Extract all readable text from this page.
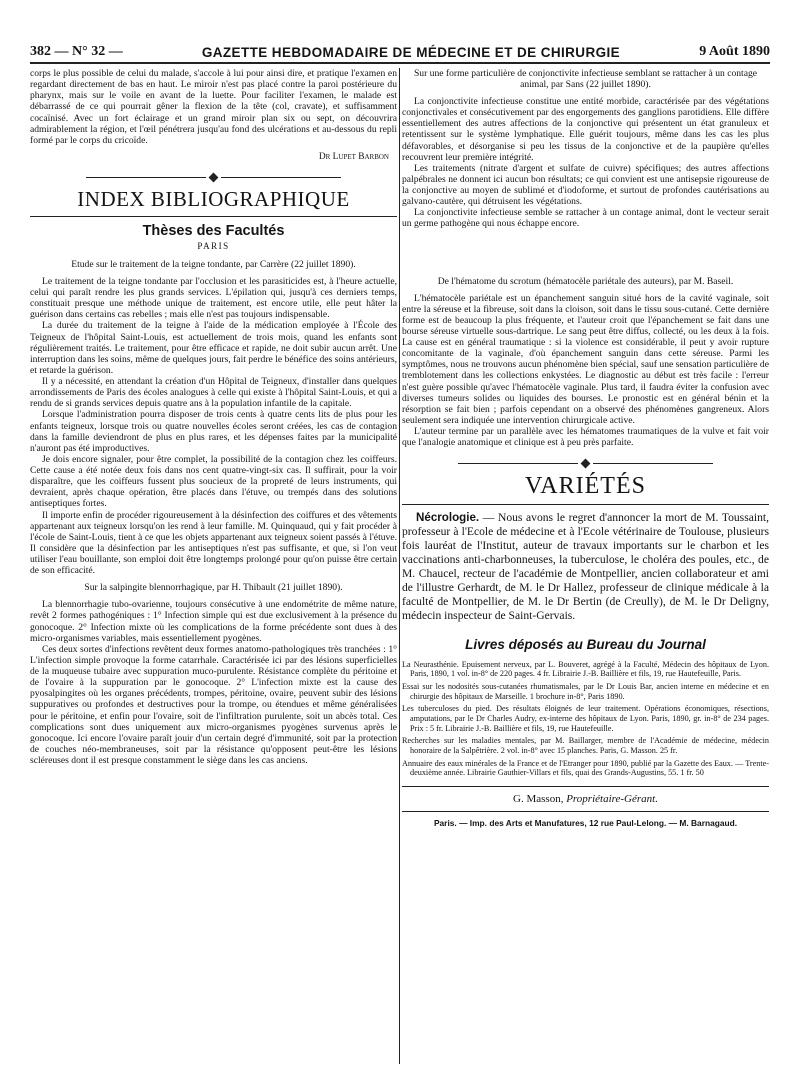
382 — N° 32 —	GAZETTE HEBDOMADAIRE DE MÉDECINE ET DE CHIRURGIE	9 Août 1890

corps le plus possible de celui du malade, s'accole à lui pour ainsi dire, et pratique l'examen en regardant directement de bas en haut. Le miroir n'est pas placé contre la paroi postérieure du pharynx, mais sur le voile en avant de la luette. Pour faciliter l'examen, le malade est débarrassé de ce qui pourrait gêner la flexion de la tête (col, cravate), et suffisamment cocaïnisé. Avec un fort éclairage et un grand miroir plan six ou sept, on découvrira admirablement la région, et l'œil pénétrera jusqu'au fond des ulcérations et au-dessous du repli formé par le corps du cricoïde.

Dr Lupet Barbon
INDEX BIBLIOGRAPHIQUE
Thèses des Facultés
PARIS
Etude sur le traitement de la teigne tondante, par Carrère (22 juillet 1890).

Le traitement de la teigne tondante par l'occlusion et les parasiticides est, à l'heure actuelle, celui qui paraît rendre les plus grands services. L'épilation qui, jusqu'à ces derniers temps, constituait presque une méthode unique de traitement, est encore utile, elle peut hâter la guérison dans certains cas rebelles ; mais elle n'est pas toujours indispensable.

La durée du traitement de la teigne à l'aide de la médication employée à l'École des Teigneux de l'hôpital Saint-Louis, est actuellement de trois mois, quand les enfants sont régulièrement traités. Le traitement, pour être efficace et rapide, ne doit subir aucun arrêt. Une interruption dans les soins, même de quelques jours, fait perdre le bénéfice des soins antérieurs, et retarde la guérison.

Il y a nécessité, en attendant la création d'un Hôpital de Teigneux, d'installer dans quelques arrondissements de Paris des écoles analogues à celle qui existe à l'hôpital Saint-Louis, et qui a rendu de si grands services depuis quatre ans à la population infantile de la capitale.

Lorsque l'administration pourra disposer de trois cents à quatre cents lits de plus pour les enfants teigneux, lorsque trois ou quatre nouvelles écoles seront créées, les cas de contagion dans la famille deviendront de plus en plus rares, et les dépenses faites par la municipalité n'auront pas été improductives.

Je dois encore signaler, pour être complet, la possibilité de la contagion chez les coiffeurs. Cette cause a été notée deux fois dans nos cent quatre-vingt-six cas. Il suffirait, pour la voir disparaître, que les coiffeurs fussent plus soucieux de la propreté de leurs instruments, qui devraient, après chaque opération, être placés dans l'étuve, ou trempés dans des solutions antiseptiques fortes.

Il importe enfin de procéder rigoureusement à la désinfection des coiffures et des vêtements appartenant aux teigneux lorsqu'on les rend à leur famille. M. Quinquaud, qui y fait procéder à l'école de Saint-Louis, tient à ce que les objets appartenant aux teigneux soient passés à l'étuve. Il considère que la désinfection par les antiseptiques n'est pas suffisante, et que, si l'on veut utiliser l'eau bouillante, son emploi doit être longtemps prolongé pour qu'on puisse être certain de son efficacité.

Sur la salpingite blennorrhagique, par H. Thibault (21 juillet 1890).

La blennorrhagie tubo-ovarienne, toujours consécutive à une endométrite de même nature, revêt 2 formes pathogéniques : 1° Infection simple qui est due exclusivement à la présence du gonocoque. 2° Infection mixte où les complications de la forme précédente sont dues à des micro-organismes variables, mais essentiellement pyogènes.

Ces deux sortes d'infections revêtent deux formes anatomo-pathologiques très tranchées : 1° L'infection simple provoque la forme catarrhale. Caractérisée ici par des lésions superficielles de la muqueuse tubaire avec suppuration muco-purulente. Résistance complète du péritoine et de l'ovaire à la suppuration par le gonocoque. 2° L'infection mixte est la cause des pyosalpingites où les organes précédents, trompes, péritoine, ovaire, peuvent subir des lésions suppuratives ou profondes et destructives pour la trompe, ou étendues et même généralisées pour le péritoine, et enfin pour l'ovaire, soit de l'infiltration purulente, soit un abcès total. Ces complications sont dues uniquement aux micro-organismes pyogènes survenus après le gonocoque. Ici encore l'ovaire paraît jouir d'un certain degré d'immunité, soit par la protection de couches néo-membraneuses, soit par la résistance qu'opposent peut-être les lésions scléreuses dont il est presque constamment le siège dans les cas anciens.

Sur une forme particulière de conjonctivite infectieuse semblant se rattacher à un contage animal, par Sans (22 juillet 1890).

La conjonctivite infectieuse constitue une entité morbide, caractérisée par des végétations conjonctivales et consécutivement par des engorgements des ganglions parotidiens. Elle diffère essentiellement des autres affections de la conjonctive qui présentent un état granuleux et retentissent sur le système lymphatique. Elle guérit toujours, même dans les cas les plus défavorables, et désorganise si peu les tissus de la conjonctive et de la paupière qu'elles recouvrent leur première intégrité.

Les traitements (nitrate d'argent et sulfate de cuivre) spécifiques; des autres affections palpébrales ne donnent ici aucun bon résultats; ce qui convient est une antisepsie rigoureuse de la conjonctive au moyen de sublimé et d'iodoforme, et surtout de profondes cautérisations au galvano-cautère, qui détruisent les végétations.

La conjonctivite infectieuse semble se rattacher à un contage animal, dont le vecteur serait un germe pathogène qui nous échappe encore.

De l'hématome du scrotum (hématocèle pariétale des auteurs), par M. Baseil.

L'hématocèle pariétale est un épanchement sanguin situé hors de la cavité vaginale, soit entre la séreuse et la fibreuse, soit dans la cloison, soit dans le tissu sous-cutané. Cette dernière forme est de beaucoup la plus fréquente, et l'auteur croit que l'épanchement se fait dans une bourse séreuse virtuelle sous-dartrique. Le sang peut être diffus, collecté, ou les deux à la fois. La cause est en général traumatique : si la violence est considérable, il peut y avoir rupture concomitante de la vaginale, d'où épanchement sanguin dans cette séreuse. Parmi les symptômes, nous ne trouvons aucun phénomène bien spécial, sauf une sensation particulière de tremblotement dans les collections enkystées. Le diagnostic au début est très facile : l'erreur n'est guère possible qu'avec l'hématocèle vaginale. Plus tard, il faudra éviter la confusion avec diverses tumeurs solides ou liquides des bourses. Le pronostic est en général bénin et la résorption se fait bien ; parfois cependant on a observé des phénomènes gangreneux. Alors seulement sera indiquée une intervention chirurgicale active.

L'auteur termine par un parallèle avec les hématomes traumatiques de la vulve et fait voir que l'analogie anatomique et clinique est à peu près parfaite.

VARIÉTÉS
Nécrologie. — Nous avons le regret d'annoncer la mort de M. Toussaint, professeur à l'Ecole de médecine et à l'Ecole vétérinaire de Toulouse, plusieurs fois lauréat de l'Institut, auteur de travaux importants sur le charbon et les vaccinations anti-charbonneuses, la tuberculose, le choléra des poules, etc., de M. Chaucel, recteur de l'académie de Montpellier, ancien collaborateur et ami de l'illustre Gerhardt, de M. le Dr Hallez, professeur de clinique médicale à la faculté de Montpellier, de M. le Dr Bertin (de Creully), de M. le Dr Deligny, médecin inspecteur de Saint-Gervais.
Livres déposés au Bureau du Journal
La Neurasthénie. Epuisement nerveux, par L. Bouveret, agrégé à la Faculté, Médecin des hôpitaux de Lyon. Paris, 1890, 1 vol. in-8° de 220 pages. 4 fr. Librairie J.-B. Baillière et fils, 19, rue Hautefeuille, Paris.
Essai sur les nodosités sous-cutanées rhumatismales, par le Dr Louis Bar, ancien interne en médecine et en chirurgie des hôpitaux de Marseille. 1 brochure in-8°, Paris 1890.
Les tuberculoses du pied. Des résultats éloignés de leur traitement. Opérations économiques, résections, amputations, par le Dr Charles Audry, ex-interne des hôpitaux de Lyon. Paris, 1890, gr. in-8° de 234 pages. Prix : 5 fr. Librairie J.-B. Baillière et fils, 19, rue Hautefeuille.
Recherches sur les maladies mentales, par M. Baillarger, membre de l'Académie de médecine, médecin honoraire de la Salpêtrière. 2 vol. in-8° avec 15 planches. Paris, G. Masson. 25 fr.
Annuaire des eaux minérales de la France et de l'Etranger pour 1890, publié par la Gazette des Eaux. — Trente-deuxième année. Librairie Gauthier-Villars et fils, quai des Grands-Augustins, 55. 1 fr. 50
G. Masson, Propriétaire-Gérant.
Paris. — Imp. des Arts et Manufatures, 12 rue Paul-Lelong. — M. Barnagaud.
